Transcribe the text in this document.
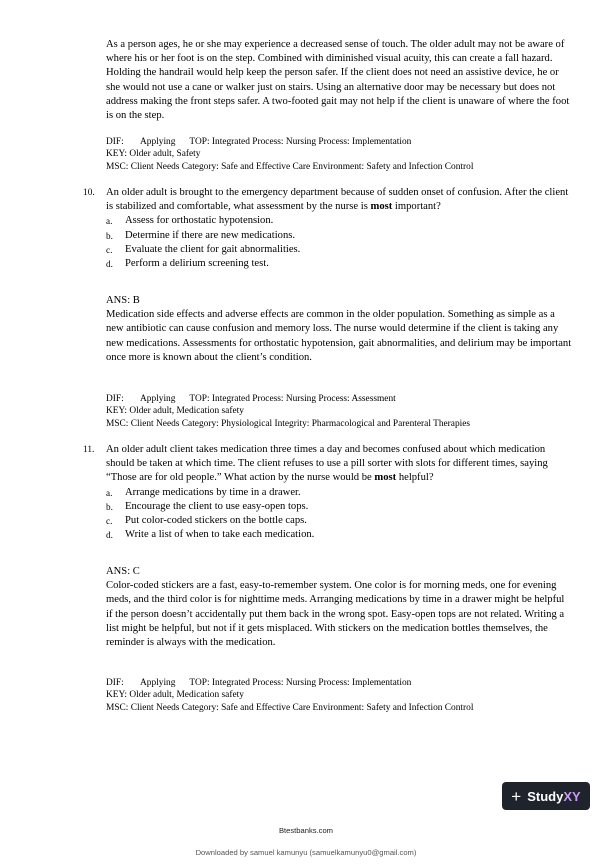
As a person ages, he or she may experience a decreased sense of touch. The older adult may not be aware of where his or her foot is on the step. Combined with diminished visual acuity, this can create a fall hazard. Holding the handrail would help keep the person safer. If the client does not need an assistive device, he or she would not use a cane or walker just on stairs. Using an alternative door may be necessary but does not address making the front steps safer. A two-footed gait may not help if the client is unaware of where the foot is on the step.

DIF: Applying TOP: Integrated Process: Nursing Process: Implementation
KEY: Older adult, Safety
MSC: Client Needs Category: Safe and Effective Care Environment: Safety and Infection Control
10. An older adult is brought to the emergency department because of sudden onset of confusion. After the client is stabilized and comfortable, what assessment by the nurse is most important?

a.	Assess for orthostatic hypotension.
b.	Determine if there are new medications.
c.	Evaluate the client for gait abnormalities.
d.	Perform a delirium screening test.

ANS: B

Medication side effects and adverse effects are common in the older population. Something as simple as a new antibiotic can cause confusion and memory loss. The nurse would determine if the client is taking any new medications. Assessments for orthostatic hypotension, gait abnormalities, and delirium may be important once more is known about the client’s condition.

DIF: Applying TOP: Integrated Process: Nursing Process: Assessment
KEY: Older adult, Medication safety
MSC: Client Needs Category: Physiological Integrity: Pharmacological and Parenteral Therapies
11. An older adult client takes medication three times a day and becomes confused about which medication should be taken at which time. The client refuses to use a pill sorter with slots for different times, saying “Those are for old people.” What action by the nurse would be most helpful?

a.	Arrange medications by time in a drawer.
b.	Encourage the client to use easy-open tops.
c.	Put color-coded stickers on the bottle caps.
d.	Write a list of when to take each medication.

ANS: C

Color-coded stickers are a fast, easy-to-remember system. One color is for morning meds, one for evening meds, and the third color is for nighttime meds. Arranging medications by time in a drawer might be helpful if the person doesn’t accidentally put them back in the wrong spot. Easy-open tops are not related. Writing a list might be helpful, but not if it gets misplaced. With stickers on the medication bottles themselves, the reminder is always with the medication.

DIF: Applying TOP: Integrated Process: Nursing Process: Implementation
KEY: Older adult, Medication safety
MSC: Client Needs Category: Safe and Effective Care Environment: Safety and Infection Control
+ Study XY
Btestbanks.com
Downloaded by samuel kamunyu (samuelkamunyu0@gmail.com)
